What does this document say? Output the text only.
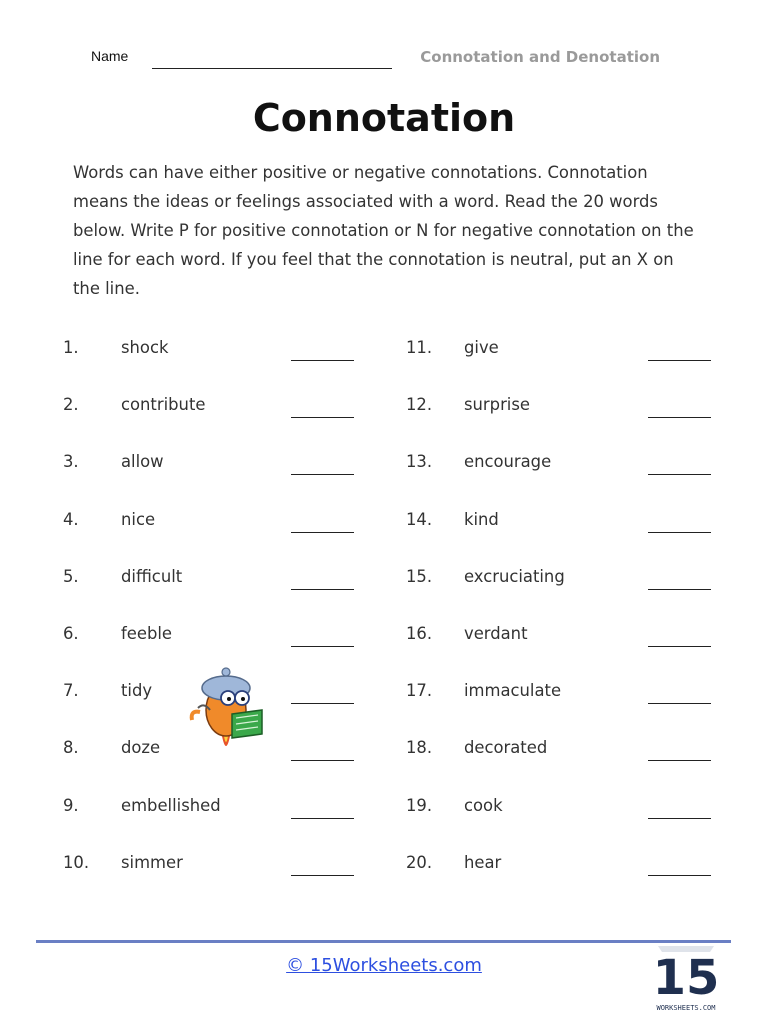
Name	Connotation and Denotation
Connotation
Words can have either positive or negative connotations. Connotation means the ideas or feelings associated with a word. Read the 20 words below. Write P for positive connotation or N for negative connotation on the line for each word. If you feel that the connotation is neutral, put an X on the line.
1.	shock
2.	contribute
3.	allow
4.	nice
5.	difficult
6.	feeble
7.	tidy
8.	doze
9.	embellished
10. simmer
11. give
12. surprise
13. encourage
14. kind
15. excruciating
16. verdant
17. immaculate
18. decorated
19. cook
20. hear
© 15Worksheets.com	15
WORKSHEETS.COM
